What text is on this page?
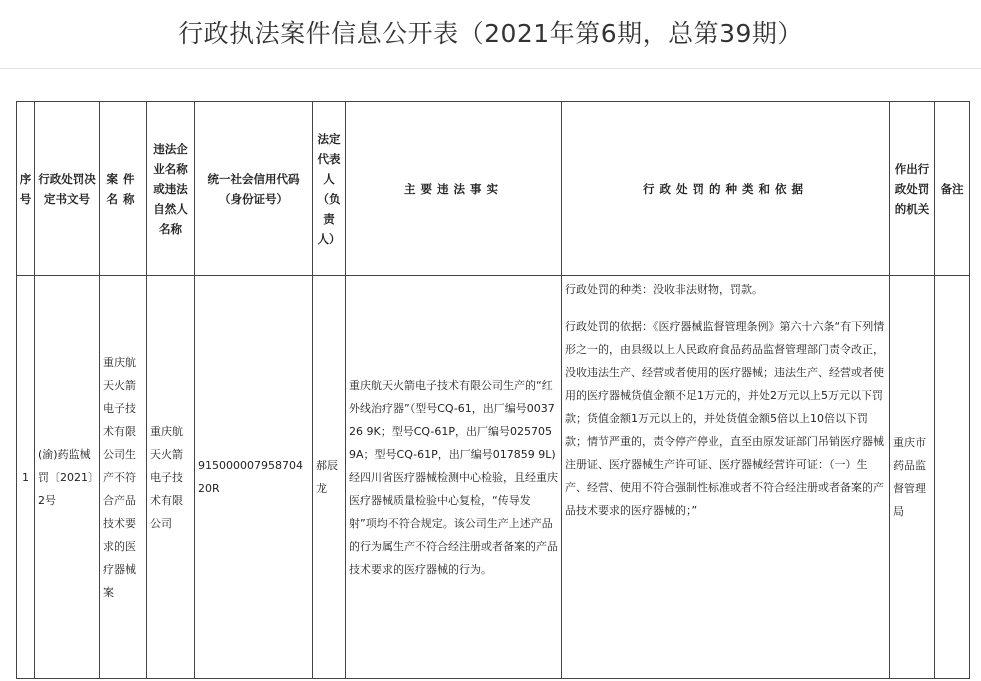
行政执法案件信息公开表（2021年第6期，总第39期）
序号	行政处罚决定书文号	案件名称	违法企业名称或违法自然人名称	统一社会信用代码（身份证号）	法定代表人（负责人）	主要违法事实	行政处罚的种类和依据	作出行政处罚的机关	备注
1	(渝)药监械罚〔2021〕2号	重庆航天火箭电子技术有限公司生产不符合产品技术要求的医疗器械案	重庆航天火箭电子技术有限公司	91500000795870420R	郝辰龙	重庆航天火箭电子技术有限公司生产的“红外线治疗器”（型号CQ-61，出厂编号003726 9K；型号CQ-61P，出厂编号025705 9A；型号CQ-61P，出厂编号017859 9L)经四川省医疗器械检测中心检验，且经重庆医疗器械质量检验中心复检，“传导发射”项均不符合规定。该公司生产上述产品的行为属生产不符合经注册或者备案的产品技术要求的医疗器械的行为。	行政处罚的种类：没收非法财物，罚款。

行政处罚的依据：《医疗器械监督管理条例》第六十六条“有下列情形之一的，由县级以上人民政府食品药品监督管理部门责令改正，没收违法生产、经营或者使用的医疗器械；违法生产、经营或者使用的医疗器械货值金额不足1万元的，并处2万元以上5万元以下罚款；货值金额1万元以上的，并处货值金额5倍以上10倍以下罚款；情节严重的，责令停产停业，直至由原发证部门吊销医疗器械注册证、医疗器械生产许可证、医疗器械经营许可证：（一）生产、经营、使用不符合强制性标准或者不符合经注册或者备案的产品技术要求的医疗器械的；”	重庆市药品监督管理局	
